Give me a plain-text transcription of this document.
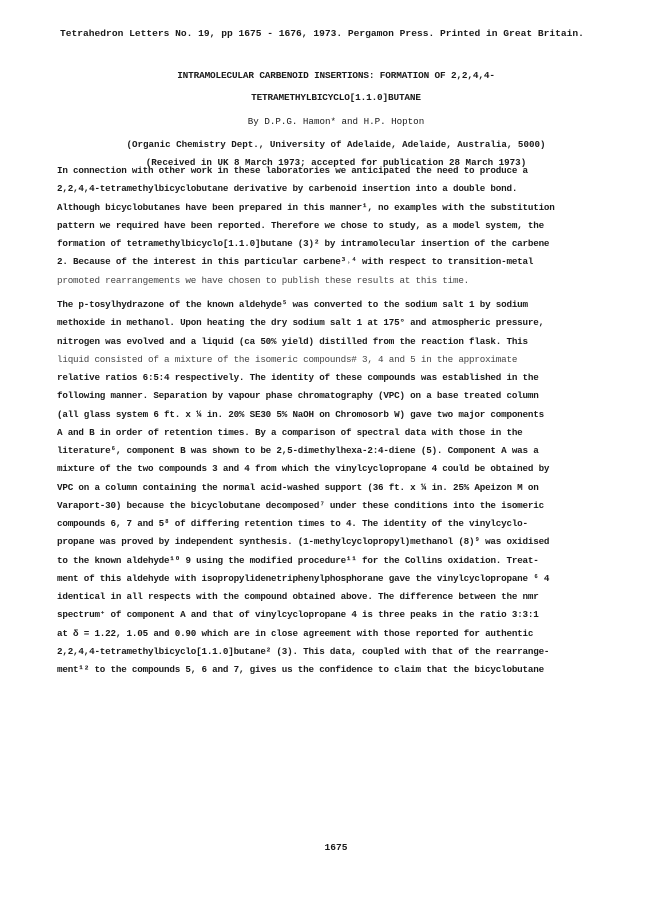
Tetrahedron Letters No. 19, pp 1675 - 1676, 1973. Pergamon Press. Printed in Great Britain.
INTRAMOLECULAR CARBENOID INSERTIONS: FORMATION OF 2,2,4,4-
TETRAMETHYLBICYCLO[1.1.0]BUTANE
By D.P.G. Hamon* and H.P. Hopton
(Organic Chemistry Dept., University of Adelaide, Adelaide, Australia, 5000)
(Received in UK 8 March 1973; accepted for publication 28 March 1973)
In connection with other work in these laboratories we anticipated the need to produce a
2,2,4,4-tetramethylbicyclobutane derivative by carbenoid insertion into a double bond.
Although bicyclobutanes have been prepared in this manner¹, no examples with the substitution
pattern we required have been reported. Therefore we chose to study, as a model system, the
formation of tetramethylbicyclo[1.1.0]butane (3)² by intramolecular insertion of the carbene
2. Because of the interest in this particular carbene³˒⁴ with respect to transition-metal
promoted rearrangements we have chosen to publish these results at this time.
The p-tosylhydrazone of the known aldehyde⁵ was converted to the sodium salt 1 by sodium
methoxide in methanol. Upon heating the dry sodium salt 1 at 175° and atmospheric pressure,
nitrogen was evolved and a liquid (ca 50% yield) distilled from the reaction flask. This
liquid consisted of a mixture of the isomeric compounds# 3, 4 and 5 in the approximate
relative ratios 6:5:4 respectively. The identity of these compounds was established in the
following manner. Separation by vapour phase chromatography (VPC) on a base treated column
(all glass system 6 ft. x ¼ in. 20% SE30 5% NaOH on Chromosorb W) gave two major components
A and B in order of retention times. By a comparison of spectral data with those in the
literature⁶, component B was shown to be 2,5-dimethylhexa-2:4-diene (5). Component A was a
mixture of the two compounds 3 and 4 from which the vinylcyclopropane 4 could be obtained by
VPC on a column containing the normal acid-washed support (36 ft. x ¼ in. 25% Apeizon M on
Varaport-30) because the bicyclobutane decomposed⁷ under these conditions into the isomeric
compounds 6, 7 and 5⁸ of differing retention times to 4. The identity of the vinylcyclo-
propane was proved by independent synthesis. (1-methylcyclopropyl)methanol (8)⁹ was oxidised
to the known aldehyde¹⁰ 9 using the modified procedure¹¹ for the Collins oxidation. Treat-
ment of this aldehyde with isopropylidenetriphenylphosphorane gave the vinylcyclopropane ⁶ 4
identical in all respects with the compound obtained above. The difference between the nmr
spectrum⁺ of component A and that of vinylcyclopropane 4 is three peaks in the ratio 3:3:1
at δ = 1.22, 1.05 and 0.90 which are in close agreement with those reported for authentic
2,2,4,4-tetramethylbicyclo[1.1.0]butane² (3). This data, coupled with that of the rearrange-
ment¹² to the compounds 5, 6 and 7, gives us the confidence to claim that the bicyclobutane
1675
